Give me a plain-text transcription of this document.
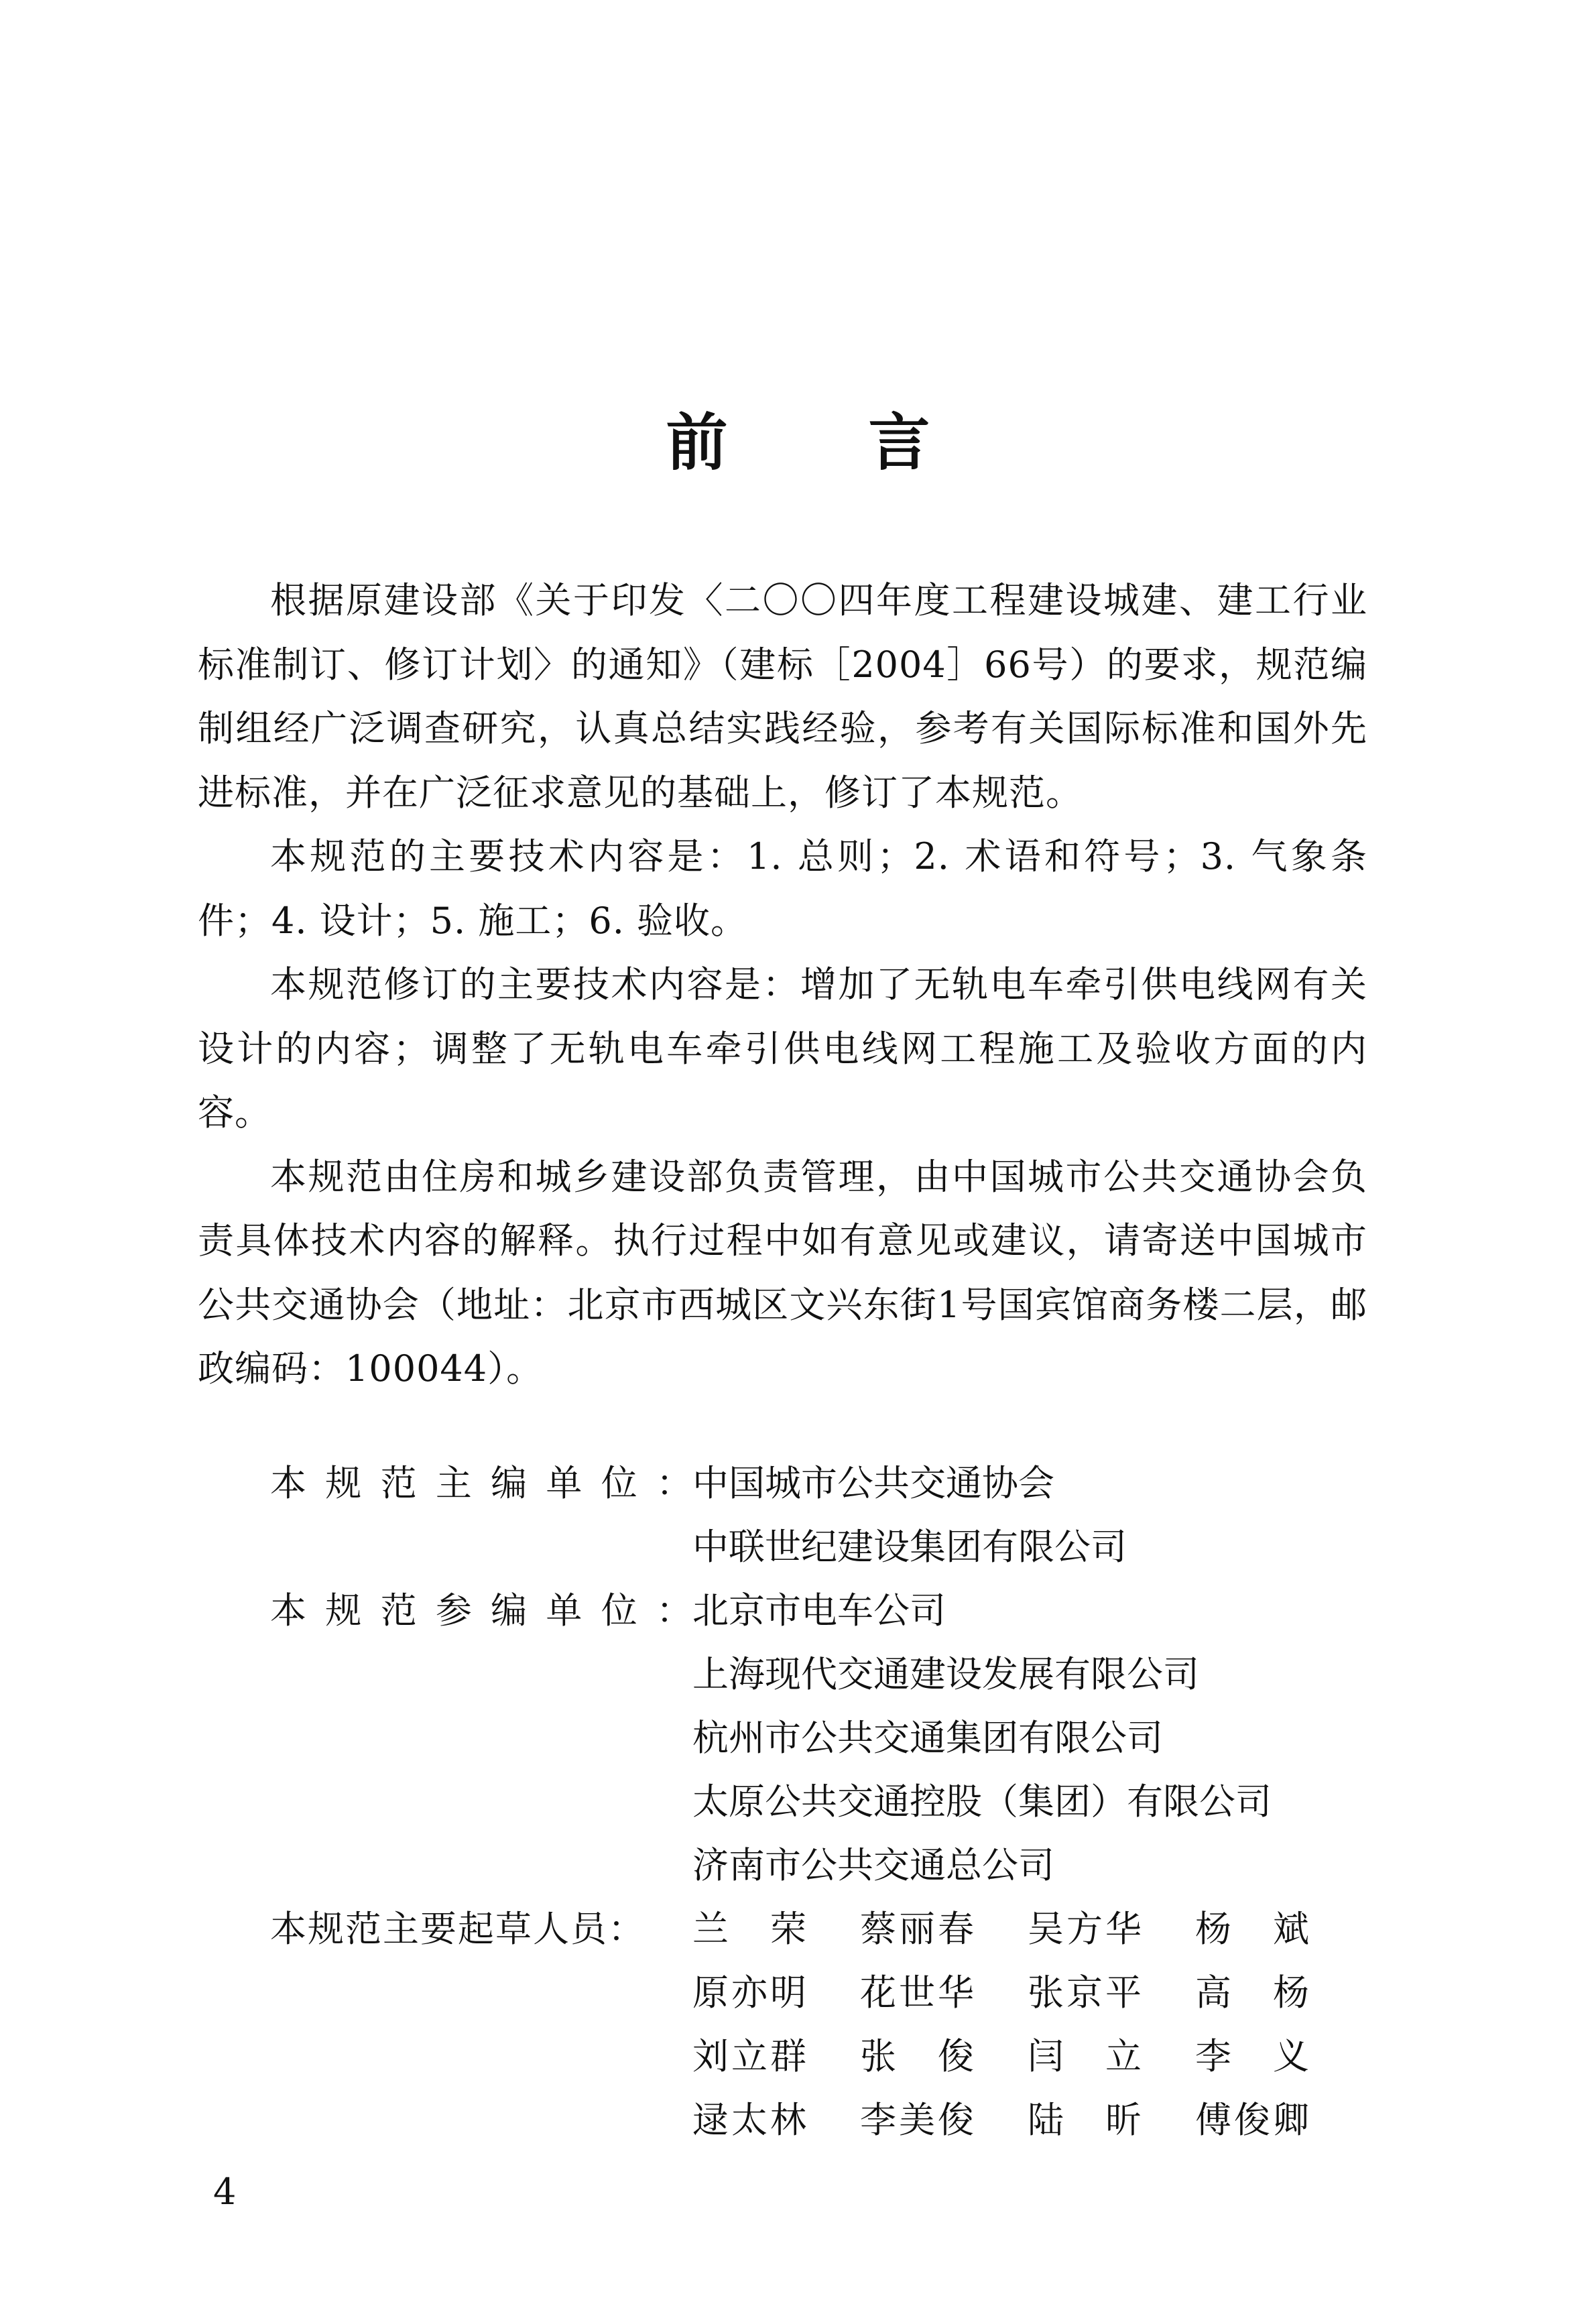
前 言

根据原建设部《关于印发〈二〇〇四年度工程建设城建、建工行业标准制订、修订计划〉的通知》（建标［2004］66号）的要求，规范编制组经广泛调查研究，认真总结实践经验，参考有关国际标准和国外先进标准，并在广泛征求意见的基础上，修订了本规范。

本规范的主要技术内容是：1. 总则；2. 术语和符号；3. 气象条件；4. 设计；5. 施工；6. 验收。

本规范修订的主要技术内容是：增加了无轨电车牵引供电线网有关设计的内容；调整了无轨电车牵引供电线网工程施工及验收方面的内容。

本规范由住房和城乡建设部负责管理，由中国城市公共交通协会负责具体技术内容的解释。执行过程中如有意见或建议，请寄送中国城市公共交通协会（地址：北京市西城区文兴东街1号国宾馆商务楼二层，邮政编码：100044）。

本规范主编单位： 中国城市公共交通协会
中联世纪建设集团有限公司
本规范参编单位： 北京市电车公司
上海现代交通建设发展有限公司
杭州市公共交通集团有限公司
太原公共交通控股（集团）有限公司
济南市公共交通总公司
本规范主要起草人员：	兰　荣 蔡丽春 吴方华 杨　斌
原亦明 花世华 张京平 高　杨
刘立群 张　俊 闫　立 李　义
逯太林 李美俊 陆　昕 傅俊卿
4
